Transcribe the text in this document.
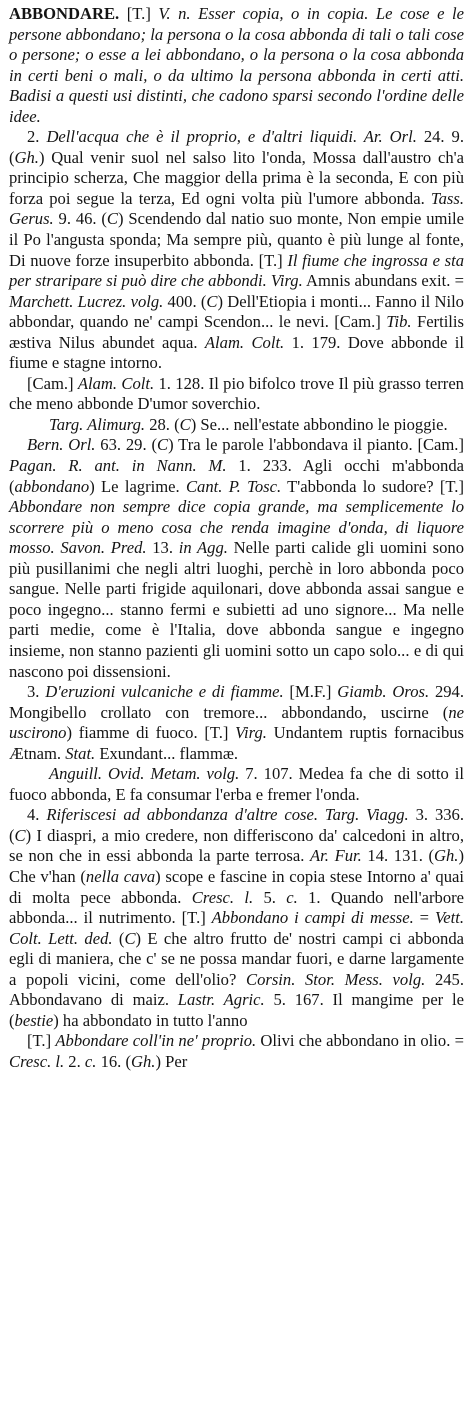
ABBONDARE. [T.] V. n. Esser copia, o in copia. Le cose e le persone abbondano; la persona o la cosa abbonda di tali o tali cose o persone; o esse a lei abbondano, o la persona o la cosa abbonda in certi beni o mali, o da ultimo la persona abbonda in certi atti. Badisi a questi usi distinti, che cadono sparsi secondo l'ordine delle idee.

2. Dell'acqua che è il proprio, e d'altri liquidi. Ar. Orl. 24. 9. (Gh.) Qual venir suol nel salso lito l'onda, Mossa dall'austro ch'a principio scherza, Che maggior della prima è la seconda, E con più forza poi segue la terza, Ed ogni volta più l'umore abbonda. Tass. Gerus. 9. 46. (C) Scendendo dal natio suo monte, Non empie umile il Po l'angusta sponda; Ma sempre più, quanto è più lunge al fonte, Di nuove forze insuperbito abbonda. [T.] Il fiume che ingrossa e sta per straripare si può dire che abbondi. Virg. Amnis abundans exit. = Marchett. Lucrez. volg. 400. (C) Dell'Etiopia i monti... Fanno il Nilo abbondar, quando ne' campi Scendon... le nevi. [Cam.] Tib. Fertilis æstiva Nilus abundet aqua. Alam. Colt. 1. 179. Dove abbonde il fiume e stagne intorno.

[Cam.] Alam. Colt. 1. 128. Il pio bifolco trove Il più grasso terren che meno abbonde D'umor soverchio.

Targ. Alimurg. 28. (C) Se... nell'estate abbondino le pioggie.

Bern. Orl. 63. 29. (C) Tra le parole l'abbondava il pianto. [Cam.] Pagan. R. ant. in Nann. M. 1. 233. Agli occhi m'abbonda (abbondano) Le lagrime. Cant. P. Tosc. T'abbonda lo sudore? [T.] Abbondare non sempre dice copia grande, ma semplicemente lo scorrere più o meno cosa che renda imagine d'onda, di liquore mosso. Savon. Pred. 13. in Agg. Nelle parti calide gli uomini sono più pusillanimi che negli altri luoghi, perchè in loro abbonda poco sangue. Nelle parti frigide aquilonari, dove abbonda assai sangue e poco ingegno... stanno fermi e subietti ad uno signore... Ma nelle parti medie, come è l'Italia, dove abbonda sangue e ingegno insieme, non stanno pazienti gli uomini sotto un capo solo... e di qui nascono poi dissensioni.

3. D'eruzioni vulcaniche e di fiamme. [M.F.] Giamb. Oros. 294. Mongibello crollato con tremore... abbondando, uscirne (ne uscirono) fiamme di fuoco. [T.] Virg. Undantem ruptis fornacibus Ætnam. Stat. Exundant... flammæ.

Anguill. Ovid. Metam. volg. 7. 107. Medea fa che di sotto il fuoco abbonda, E fa consumar l'erba e fremer l'onda.

4. Riferiscesi ad abbondanza d'altre cose. Targ. Viagg. 3. 336. (C) I diaspri, a mio credere, non differiscono da' calcedoni in altro, se non che in essi abbonda la parte terrosa. Ar. Fur. 14. 131. (Gh.) Che v'han (nella cava) scope e fascine in copia stese Intorno a' quai di molta pece abbonda. Cresc. l. 5. c. 1. Quando nell'arbore abbonda... il nutrimento. [T.] Abbondano i campi di messe. = Vett. Colt. Lett. ded. (C) E che altro frutto de' nostri campi ci abbonda egli di maniera, che c' se ne possa mandar fuori, e darne largamente a popoli vicini, come dell'olio? Corsin. Stor. Mess. volg. 245. Abbondavano di maiz. Lastr. Agric. 5. 167. Il mangime per le (bestie) ha abbondato in tutto l'anno

[T.] Abbondare coll'in ne' proprio. Olivi che abbondano in olio. = Cresc. l. 2. c. 16. (Gh.) Per
